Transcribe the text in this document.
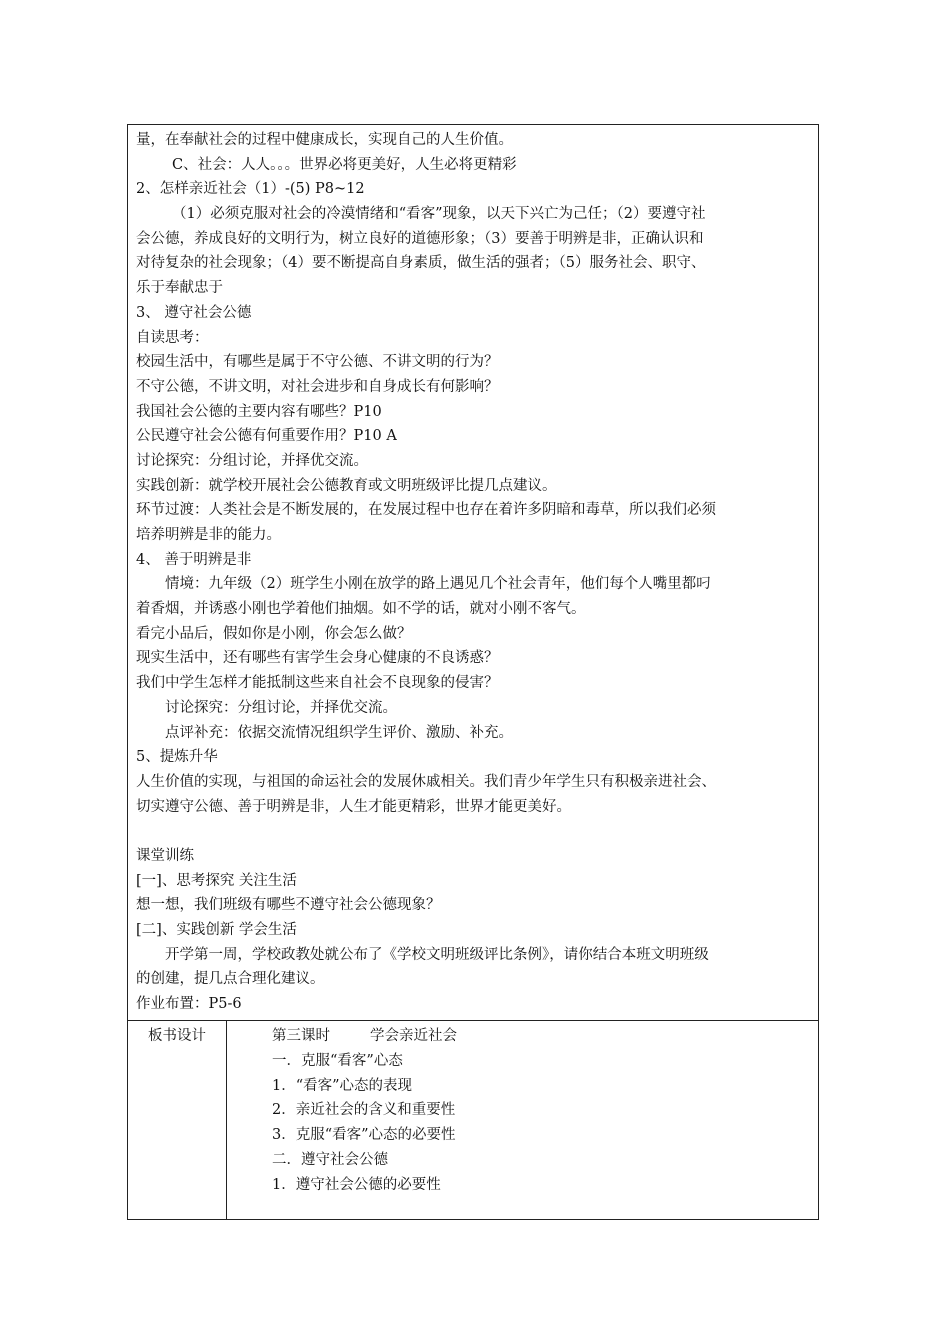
量，在奉献社会的过程中健康成长，实现自己的人生价值。
C、社会：人人。。。世界必将更美好，人生必将更精彩
2、怎样亲近社会（1）-(5) P8~12
（1）必须克服对社会的冷漠情绪和“看客”现象，以天下兴亡为己任；（2）要遵守社
会公德，养成良好的文明行为，树立良好的道德形象；（3）要善于明辨是非，正确认识和
对待复杂的社会现象；（4）要不断提高自身素质，做生活的强者；（5）服务社会、职守、
乐于奉献忠于
3、 遵守社会公德
自读思考：
校园生活中，有哪些是属于不守公德、不讲文明的行为？
不守公德，不讲文明，对社会进步和自身成长有何影响？
我国社会公德的主要内容有哪些？P10
公民遵守社会公德有何重要作用？P10 A
讨论探究：分组讨论，并择优交流。
实践创新：就学校开展社会公德教育或文明班级评比提几点建议。
环节过渡：人类社会是不断发展的，在发展过程中也存在着许多阴暗和毒草，所以我们必须
培养明辨是非的能力。
4、 善于明辨是非
情境：九年级（2）班学生小刚在放学的路上遇见几个社会青年，他们每个人嘴里都叼
着香烟，并诱惑小刚也学着他们抽烟。如不学的话，就对小刚不客气。
看完小品后，假如你是小刚，你会怎么做？
现实生活中，还有哪些有害学生会身心健康的不良诱惑？
我们中学生怎样才能抵制这些来自社会不良现象的侵害？
讨论探究：分组讨论，并择优交流。
点评补充：依据交流情况组织学生评价、激励、补充。
5、提炼升华
人生价值的实现，与祖国的命运社会的发展休戚相关。我们青少年学生只有积极亲进社会、
切实遵守公德、善于明辨是非，人生才能更精彩，世界才能更美好。
课堂训练
[一]、思考探究 关注生活
想一想，我们班级有哪些不遵守社会公德现象？
[二]、实践创新 学会生活
开学第一周，学校政教处就公布了《学校文明班级评比条例》，请你结合本班文明班级
的创建，提几点合理化建议。
作业布置：P5-6
板书设计	第三课时	学会亲近社会
一．克服“看客”心态
1．“看客”心态的表现
2．亲近社会的含义和重要性
3．克服“看客”心态的必要性
二．遵守社会公德
1．遵守社会公德的必要性
